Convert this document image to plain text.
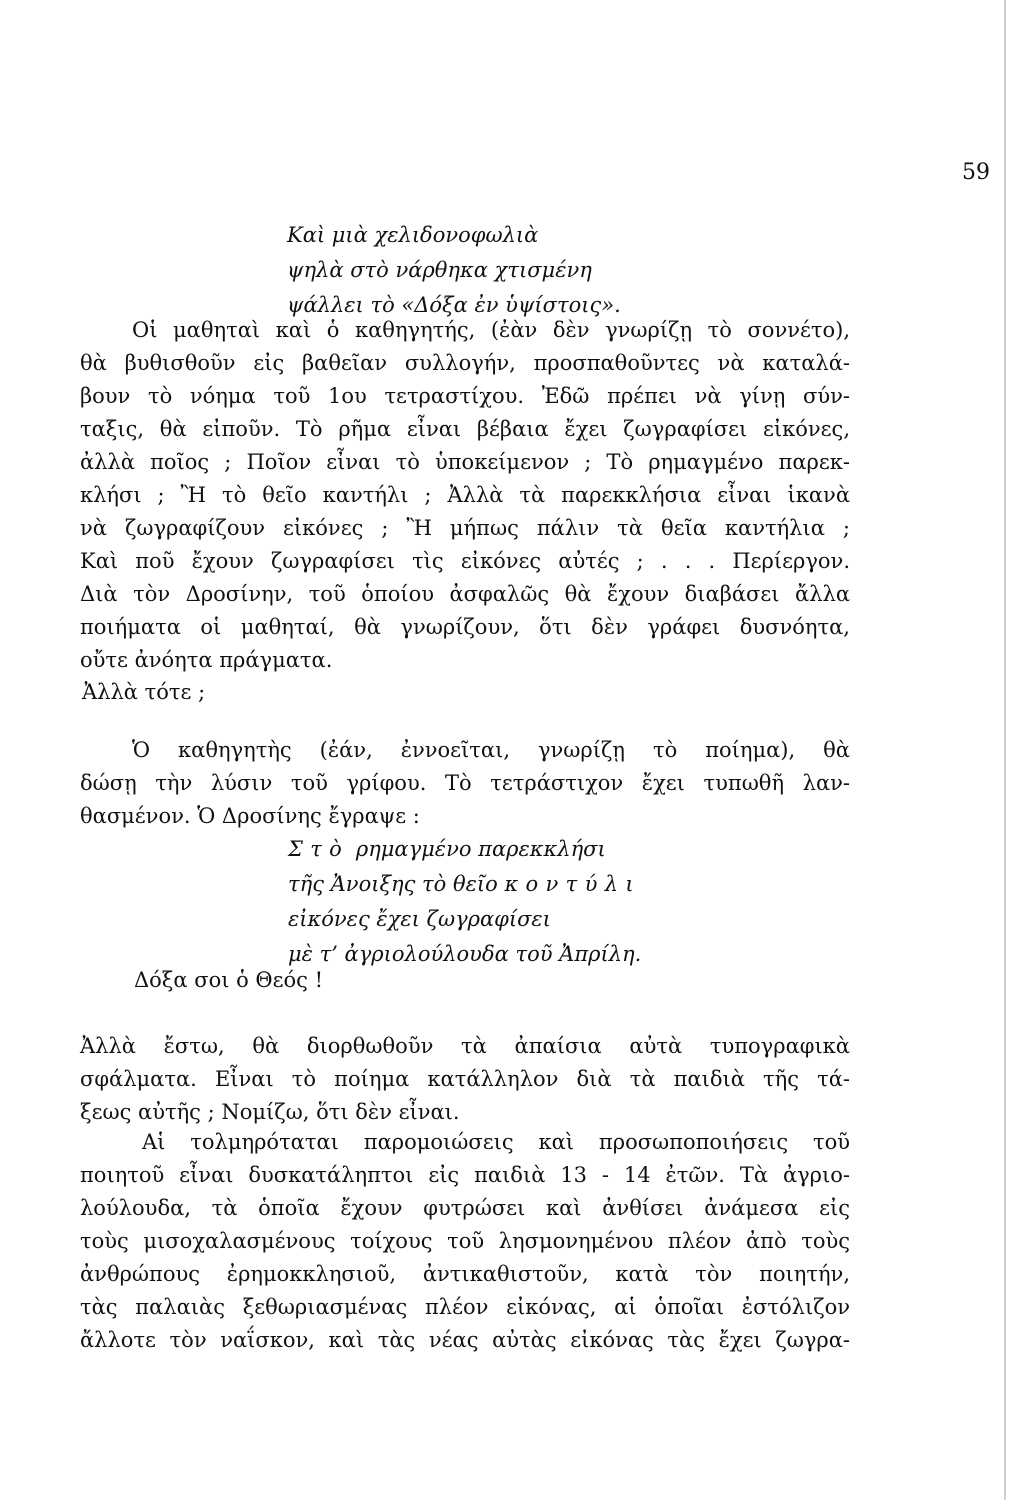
59
Καὶ μιὰ χελιδονοφωλιὰ
ψηλὰ στὸ νάρθηκα χτισμένη
ψάλλει τὸ «Δόξα ἐν ὑψίστοις».
Οἱ μαθηταὶ καὶ ὁ καθηγητής, (ἐὰν δὲν γνωρίζῃ τὸ σοννέτο),
θὰ βυθισθοῦν εἰς βαθεῖαν συλλογήν, προσπαθοῦντες νὰ καταλά-
βουν τὸ νόημα τοῦ 1ου τετραστίχου. Ἐδῶ πρέπει νὰ γίνῃ σύν-
ταξις, θὰ εἰποῦν. Τὸ ρῆμα εἶναι βέβαια ἔχει ζωγραφίσει εἰκόνες,
ἀλλὰ ποῖος ; Ποῖον εἶναι τὸ ὑποκείμενον ; Τὸ ρημαγμένο παρεκ-
κλήσι ; Ἢ τὸ θεῖο καντήλι ; Ἀλλὰ τὰ παρεκκλήσια εἶναι ἱκανὰ
νὰ ζωγραφίζουν εἰκόνες ; Ἢ μήπως πάλιν τὰ θεῖα καντήλια ;
Καὶ ποῦ ἔχουν ζωγραφίσει τὶς εἰκόνες αὐτές ; . . . Περίεργον.
Διὰ τὸν Δροσίνην, τοῦ ὁποίου ἀσφαλῶς θὰ ἔχουν διαβάσει ἄλλα
ποιήματα οἱ μαθηταί, θὰ γνωρίζουν, ὅτι δὲν γράφει δυσνόητα,
οὔτε ἀνόητα πράγματα.
Ἀλλὰ τότε ;
Ὁ καθηγητὴς (ἐάν, ἐννοεῖται, γνωρίζῃ τὸ ποίημα), θὰ
δώσῃ τὴν λύσιν τοῦ γρίφου. Τὸ τετράστιχον ἔχει τυπωθῆ λαν-
θασμένον. Ὁ Δροσίνης ἔγραψε :
Στὸ ρημαγμένο παρεκκλήσι
τῆς Ἀνοιξης τὸ θεῖο κοντύλι
εἰκόνες ἔχει ζωγραφίσει
μὲ τ’ ἀγριολούλουδα τοῦ Ἀπρίλη.
Δόξα σοι ὁ Θεός !
Ἀλλὰ ἔστω, θὰ διορθωθοῦν τὰ ἀπαίσια αὐτὰ τυπογραφικὰ
σφάλματα. Εἶναι τὸ ποίημα κατάλληλον διὰ τὰ παιδιὰ τῆς τά-
ξεως αὐτῆς ; Νομίζω, ὅτι δὲν εἶναι.
Αἱ τολμηρόταται παρομοιώσεις καὶ προσωποποιήσεις τοῦ
ποιητοῦ εἶναι δυσκατάληπτοι εἰς παιδιὰ 13 - 14 ἐτῶν. Τὰ ἀγριο-
λούλουδα, τὰ ὁποῖα ἔχουν φυτρώσει καὶ ἀνθίσει ἀνάμεσα εἰς
τοὺς μισοχαλασμένους τοίχους τοῦ λησμονημένου πλέον ἀπὸ τοὺς
ἀνθρώπους ἐρημοκκλησιοῦ, ἀντικαθιστοῦν, κατὰ τὸν ποιητήν,
τὰς παλαιὰς ξεθωριασμένας πλέον εἰκόνας, αἱ ὁποῖαι ἐστόλιζον
ἄλλοτε τὸν ναΐσκον, καὶ τὰς νέας αὐτὰς εἰκόνας τὰς ἔχει ζωγρα-
